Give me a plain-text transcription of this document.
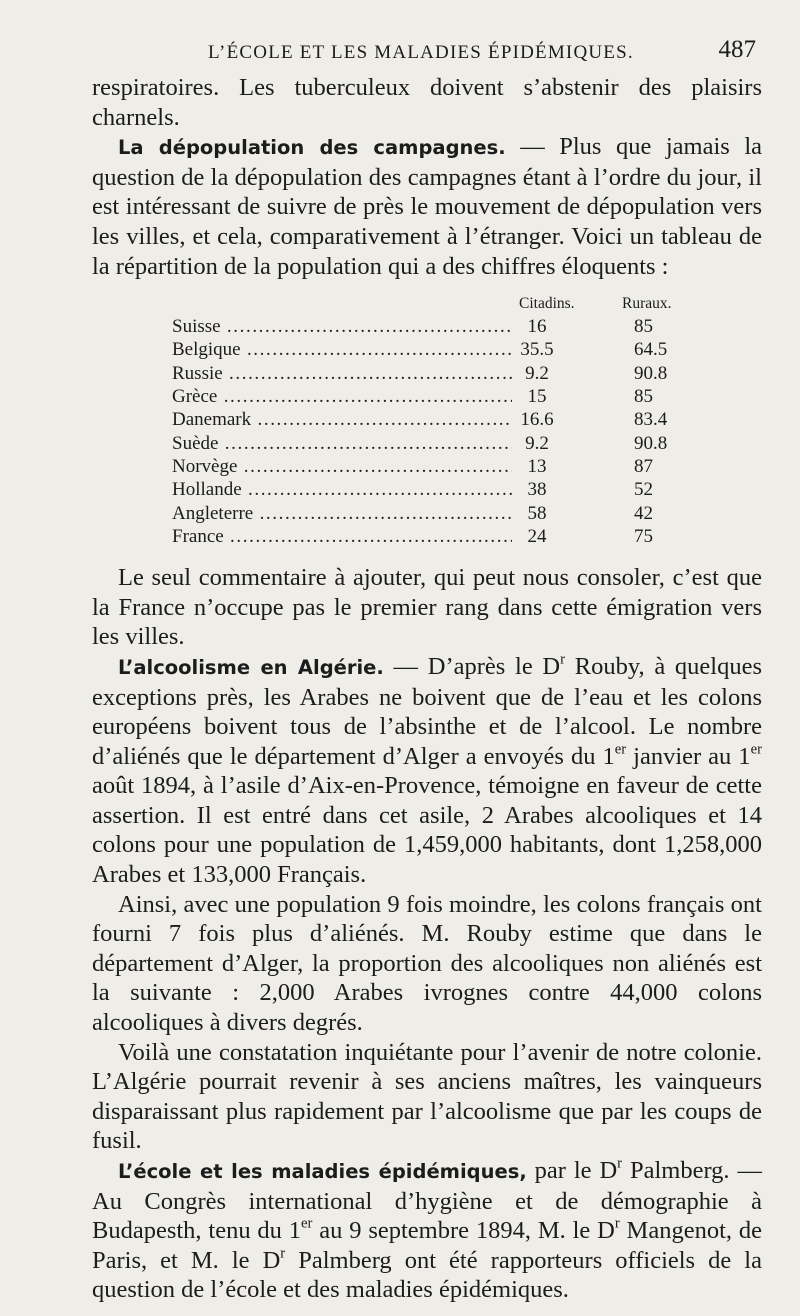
L’ÉCOLE ET LES MALADIES ÉPIDÉMIQUES.	487

respiratoires. Les tuberculeux doivent s’abstenir des plaisirs charnels.

La dépopulation des campagnes. — Plus que jamais la question de la dépopulation des campagnes étant à l’ordre du jour, il est intéressant de suivre de près le mouvement de dépopulation vers les villes, et cela, comparativement à l’étranger. Voici un tableau de la répartition de la population qui a des chiffres éloquents :

Citadins.	Ruraux.
Suisse .....	16	85
Belgique .....	35.5	64.5
Russie .....	9.2	90.8
Grèce .....	15	85
Danemark .....	16.6	83.4
Suède .....	9.2	90.8
Norvège .....	13	87
Hollande .....	38	52
Angleterre .....	58	42
France .....	24	75

Le seul commentaire à ajouter, qui peut nous consoler, c’est que la France n’occupe pas le premier rang dans cette émigration vers les villes.

L’alcoolisme en Algérie. — D’après le $D^r$ Rouby, à quelques exceptions près, les Arabes ne boivent que de l’eau et les colons européens boivent tous de l’absinthe et de l’alcool. Le nombre d’aliénés que le département d’Alger a envoyés du 1er janvier au 1er août 1894, à l’asile d’Aix-en-Provence, témoigne en faveur de cette assertion. Il est entré dans cet asile, 2 Arabes alcooliques et 14 colons pour une population de 1,459,000 habitants, dont 1,258,000 Arabes et 133,000 Français.

Ainsi, avec une population 9 fois moindre, les colons français ont fourni 7 fois plus d’aliénés. M. Rouby estime que dans le département d’Alger, la proportion des alcooliques non aliénés est la suivante : 2,000 Arabes ivrognes contre 44,000 colons alcooliques à divers degrés.

Voilà une constatation inquiétante pour l’avenir de notre colonie. L’Algérie pourrait revenir à ses anciens maîtres, les vainqueurs disparaissant plus rapidement par l’alcoolisme que par les coups de fusil.

L’école et les maladies épidémiques, par le $D^r$ Palmberg. — Au Congrès international d’hygiène et de démographie à Budapesth, tenu du 1er au 9 septembre 1894, M. le $D^r$ Mangenot, de Paris, et M. le $D^r$ Palmberg ont été rapporteurs officiels de la question de l’école et des maladies épidémiques.
